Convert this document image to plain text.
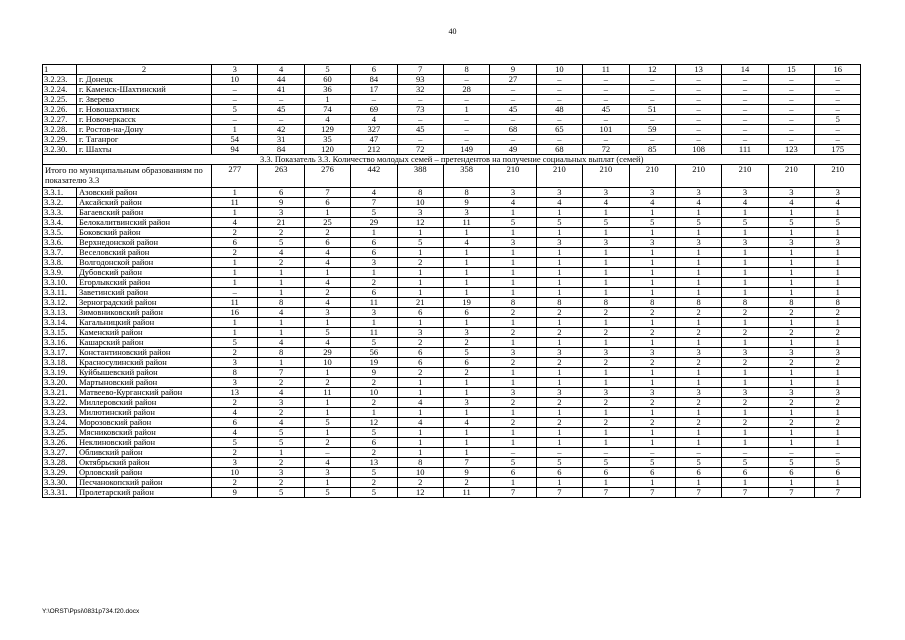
40
1	2	3	4	5	6	7	8	9	10	11	12	13	14	15	16
3.2.23.	г. Донецк	10	44	60	84	93	–	27	–	–	–	–	–	–	–
3.2.24.	г. Каменск-Шахтинский	–	41	36	17	32	28	–	–	–	–	–	–	–	–
3.2.25.	г. Зверево	–	–	1	–	–	–	–	–	–	–	–	–	–	–
3.2.26.	г. Новошахтинск	5	45	74	69	73	1	45	48	45	51	–	–	–	–
3.2.27.	г. Новочеркасск	–	–	4	4	–	–	–	–	–	–	–	–	–	5
3.2.28.	г. Ростов-на-Дону	1	42	129	327	45	–	68	65	101	59	–	–	–	–
3.2.29.	г. Таганрог	54	31	35	47	–	–	–	–	–	–	–	–	–	–
3.2.30.	г. Шахты	94	84	120	212	72	149	49	68	72	85	108	111	123	175
3.3. Показатель 3.3. Количество молодых семей – претендентов на получение социальных выплат (семей)															
Итого по муниципальным образованиям по показателю 3.3		277	263	276	442	388	358	210	210	210	210	210	210	210	210
3.3.1.	Азовский район	1	6	7	4	8	8	3	3	3	3	3	3	3	3
3.3.2.	Аксайский район	11	9	6	7	10	9	4	4	4	4	4	4	4	4
3.3.3.	Багаевский район	1	3	1	5	3	3	1	1	1	1	1	1	1	1
3.3.4.	Белокалитвинский район	4	21	25	29	12	11	5	5	5	5	5	5	5	5
3.3.5.	Боковский район	2	2	2	1	1	1	1	1	1	1	1	1	1	1
3.3.6.	Верхнедонской район	6	5	6	6	5	4	3	3	3	3	3	3	3	3
3.3.7.	Веселовский район	2	4	4	6	1	1	1	1	1	1	1	1	1	1
3.3.8.	Волгодонской район	1	2	4	3	2	1	1	1	1	1	1	1	1	1
3.3.9.	Дубовский район	1	1	1	1	1	1	1	1	1	1	1	1	1	1
3.3.10.	Егорлыкский район	1	1	4	2	1	1	1	1	1	1	1	1	1	1
3.3.11.	Заветинский район	–	1	2	6	1	1	1	1	1	1	1	1	1	1
3.3.12.	Зерноградский район	11	8	4	11	21	19	8	8	8	8	8	8	8	8
3.3.13.	Зимовниковский район	16	4	3	3	6	6	2	2	2	2	2	2	2	2
3.3.14.	Кагальницкий район	1	1	1	1	1	1	1	1	1	1	1	1	1	1
3.3.15.	Каменский район	1	1	5	11	3	3	2	2	2	2	2	2	2	2
3.3.16.	Кашарский район	5	4	4	5	2	2	1	1	1	1	1	1	1	1
3.3.17.	Константиновский район	2	8	29	56	6	5	3	3	3	3	3	3	3	3
3.3.18.	Красносулинский район	3	1	10	19	6	6	2	2	2	2	2	2	2	2
3.3.19.	Куйбышевский район	8	7	1	9	2	2	1	1	1	1	1	1	1	1
3.3.20.	Мартыновский район	3	2	2	2	1	1	1	1	1	1	1	1	1	1
3.3.21.	Матвеево-Курганский район	13	4	11	10	1	1	3	3	3	3	3	3	3	3
3.3.22.	Миллеровский район	2	3	1	2	4	3	2	2	2	2	2	2	2	2
3.3.23.	Милютинский район	4	2	1	1	1	1	1	1	1	1	1	1	1	1
3.3.24.	Морозовский район	6	4	5	12	4	4	2	2	2	2	2	2	2	2
3.3.25.	Мясниковский район	4	5	1	5	1	1	1	1	1	1	1	1	1	1
3.3.26.	Неклиновский район	5	5	2	6	1	1	1	1	1	1	1	1	1	1
3.3.27.	Обливский район	2	1	–	2	1	1	–	–	–	–	–	–	–	–
3.3.28.	Октябрьский район	3	2	4	13	8	7	5	5	5	5	5	5	5	5
3.3.29.	Орловский район	10	3	3	5	10	9	6	6	6	6	6	6	6	6
3.3.30.	Песчанокопский район	2	2	1	2	2	2	1	1	1	1	1	1	1	1
3.3.31.	Пролетарский район	9	5	5	5	12	11	7	7	7	7	7	7	7	7
Y:\ORST\Ppsi\0831p734.f20.docx
